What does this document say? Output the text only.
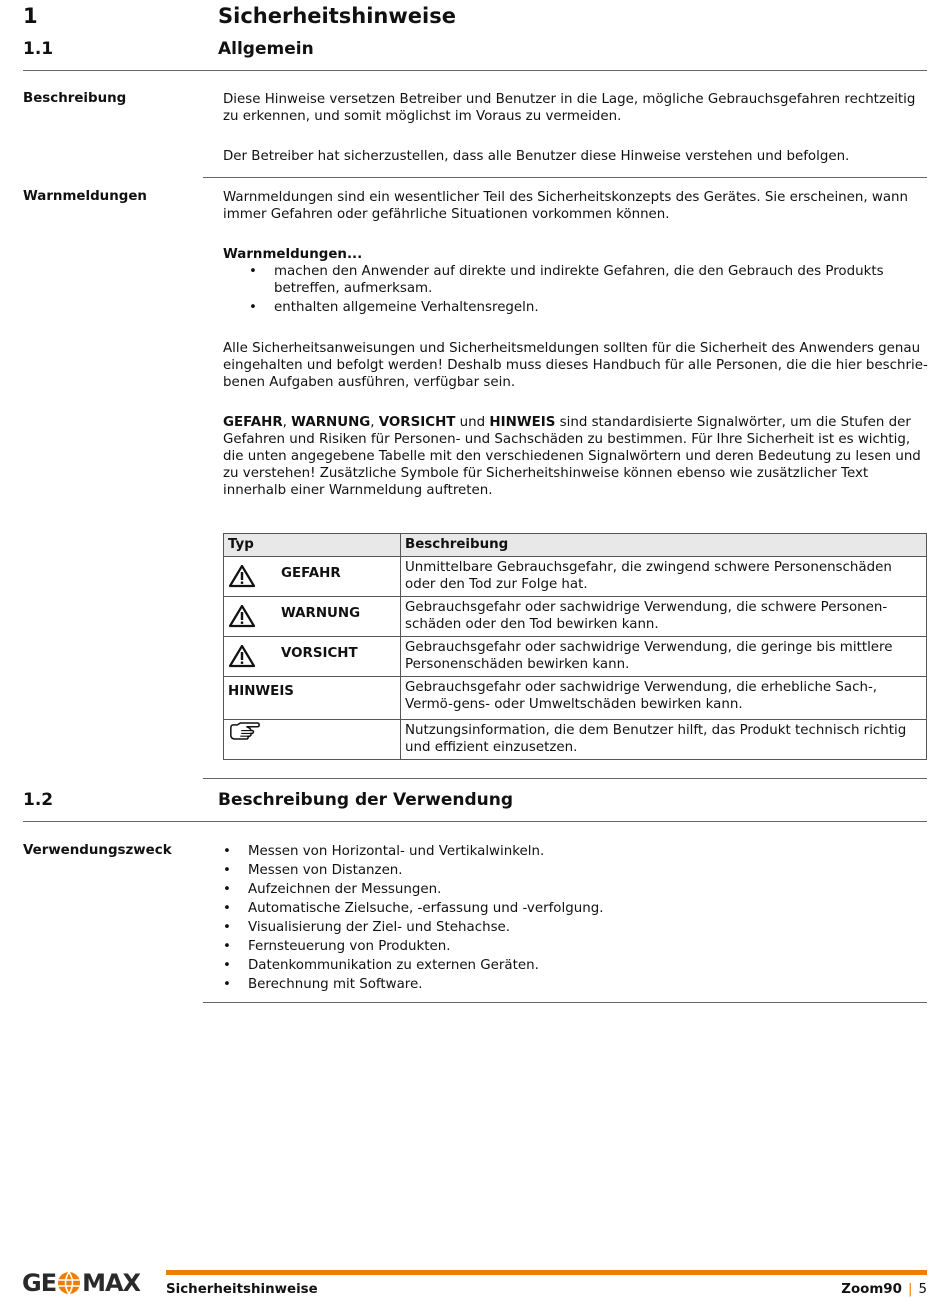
1	Sicherheitshinweise
1.1	Allgemein
Beschreibung	Diese Hinweise versetzen Betreiber und Benutzer in die Lage, mögliche Gebrauchsgefahren rechtzeitig zu erkennen, und somit möglichst im Voraus zu vermeiden.

Der Betreiber hat sicherzustellen, dass alle Benutzer diese Hinweise verstehen und befolgen.

Warnmeldungen	Warnmeldungen sind ein wesentlicher Teil des Sicherheitskonzepts des Gerätes. Sie erscheinen, wann immer Gefahren oder gefährliche Situationen vorkommen können.
Warnmeldungen...
• machen den Anwender auf direkte und indirekte Gefahren, die den Gebrauch des Produkts betreffen, aufmerksam.
• enthalten allgemeine Verhaltensregeln.
Alle Sicherheitsanweisungen und Sicherheitsmeldungen sollten für die Sicherheit des Anwenders genau eingehalten und befolgt werden! Deshalb muss dieses Handbuch für alle Personen, die die hier beschrie-benen Aufgaben ausführen, verfügbar sein.
GEFAHR, WARNUNG, VORSICHT und HINWEIS sind standardisierte Signalwörter, um die Stufen der Gefahren und Risiken für Personen- und Sachschäden zu bestimmen. Für Ihre Sicherheit ist es wichtig, die unten angegebene Tabelle mit den verschiedenen Signalwörtern und deren Bedeutung zu lesen und zu verstehen! Zusätzliche Symbole für Sicherheitshinweise können ebenso wie zusätzlicher Text innerhalb einer Warnmeldung auftreten.
Typ	Beschreibung

GEFAHR	Unmittelbare Gebrauchsgefahr, die zwingend schwere Personenschäden oder den Tod zur Folge hat.

WARNUNG	Gebrauchsgefahr oder sachwidrige Verwendung, die schwere Personen-schäden oder den Tod bewirken kann.

VORSICHT	Gebrauchsgefahr oder sachwidrige Verwendung, die geringe bis mittlere Personenschäden bewirken kann.

HINWEIS	Gebrauchsgefahr oder sachwidrige Verwendung, die erhebliche Sach-, Vermö-gens- oder Umweltschäden bewirken kann.

	Nutzungsinformation, die dem Benutzer hilft, das Produkt technisch richtig und effizient einzusetzen.
1.2	Beschreibung der Verwendung
Verwendungszweck	• Messen von Horizontal- und Vertikalwinkeln.
• Messen von Distanzen.
• Aufzeichnen der Messungen.
• Automatische Zielsuche, -erfassung und -verfolgung.
• Visualisierung der Ziel- und Stehachse.
• Fernsteuerung von Produkten.
• Datenkommunikation zu externen Geräten.
• Berechnung mit Software.
GE MAX Sicherheitshinweise	Zoom90 | 5
